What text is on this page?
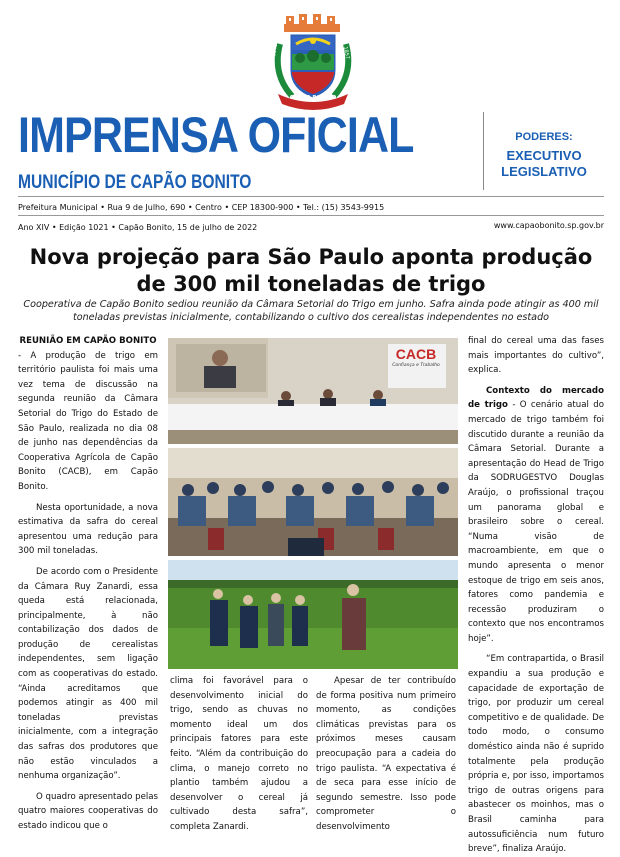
CAPÃO BONITO
1843	1857
IMPRENSA OFICIAL
MUNICÍPIO DE CAPÃO BONITO
PODERES:
EXECUTIVO
LEGISLATIVO
Prefeitura Municipal • Rua 9 de Julho, 690 • Centro • CEP 18300-900 • Tel.: (15) 3543-9915
Ano XIV • Edição 1021 • Capão Bonito, 15 de julho de 2022	www.capaobonito.sp.gov.br
Nova projeção para São Paulo aponta produção de 300 mil toneladas de trigo
Cooperativa de Capão Bonito sediou reunião da Câmara Setorial do Trigo em junho. Safra ainda pode atingir as 400 mil toneladas previstas inicialmente, contabilizando o cultivo dos cerealistas independentes no estado

REUNIÃO EM CAPÃO BONITO
- A produção de trigo em território paulista foi mais uma vez tema de discussão na segunda reunião da Câmara Setorial do Trigo do Estado de São Paulo, realizada no dia 08 de junho nas dependências da Cooperativa Agrícola de Capão Bonito (CACB), em Capão Bonito.

Nesta oportunidade, a nova estimativa da safra do cereal apresentou uma redução para 300 mil toneladas.

De acordo com o Presidente da Câmara Ruy Zanardi, essa queda está relacionada, principalmente, à não contabilização dos dados de produção de cerealistas independentes, sem ligação com as cooperativas do estado. “Ainda acreditamos que podemos atingir as 400 mil toneladas previstas inicialmente, com a integração das safras dos produtores que não estão vinculados a nenhuma organização”.

O quadro apresentado pelas quatro maiores cooperativas do estado indicou que o

CACB
Confiança e Trabalho

clima foi favorável para o desenvolvimento inicial do trigo, sendo as chuvas no momento ideal um dos principais fatores para este feito. “Além da contribuição do clima, o manejo correto no plantio também ajudou a desenvolver o cereal já cultivado desta safra”, completa Zanardi.

Apesar de ter contribuído de forma positiva num primeiro momento, as condições climáticas previstas para os próximos meses causam preocupação para a cadeia do trigo paulista. “A expectativa é de seca para esse início de segundo semestre. Isso pode comprometer o desenvolvimento

final do cereal uma das fases mais importantes do cultivo”, explica.

Contexto do mercado de trigo - O cenário atual do mercado de trigo também foi discutido durante a reunião da Câmara Setorial. Durante a apresentação do Head de Trigo da SODRUGESTVO Douglas Araújo, o profissional traçou um panorama global e brasileiro sobre o cereal. “Numa visão de macroambiente, em que o mundo apresenta o menor estoque de trigo em seis anos, fatores como pandemia e recessão produziram o contexto que nos encontramos hoje”.

“Em contrapartida, o Brasil expandiu a sua produção e capacidade de exportação de trigo, por produzir um cereal competitivo e de qualidade. De todo modo, o consumo doméstico ainda não é suprido totalmente pela produção própria e, por isso, importamos trigo de outras origens para abastecer os moinhos, mas o Brasil caminha para autossuficiência num futuro breve”, finaliza Araújo.
